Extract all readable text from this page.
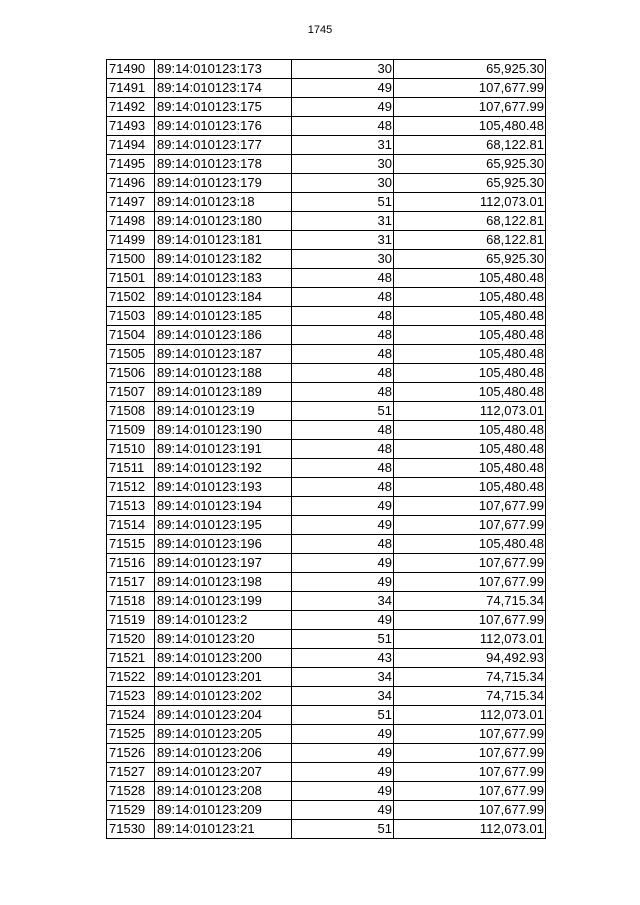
1745
71490	89:14:010123:173	30	65,925.30
71491	89:14:010123:174	49	107,677.99
71492	89:14:010123:175	49	107,677.99
71493	89:14:010123:176	48	105,480.48
71494	89:14:010123:177	31	68,122.81
71495	89:14:010123:178	30	65,925.30
71496	89:14:010123:179	30	65,925.30
71497	89:14:010123:18	51	112,073.01
71498	89:14:010123:180	31	68,122.81
71499	89:14:010123:181	31	68,122.81
71500	89:14:010123:182	30	65,925.30
71501	89:14:010123:183	48	105,480.48
71502	89:14:010123:184	48	105,480.48
71503	89:14:010123:185	48	105,480.48
71504	89:14:010123:186	48	105,480.48
71505	89:14:010123:187	48	105,480.48
71506	89:14:010123:188	48	105,480.48
71507	89:14:010123:189	48	105,480.48
71508	89:14:010123:19	51	112,073.01
71509	89:14:010123:190	48	105,480.48
71510	89:14:010123:191	48	105,480.48
71511	89:14:010123:192	48	105,480.48
71512	89:14:010123:193	48	105,480.48
71513	89:14:010123:194	49	107,677.99
71514	89:14:010123:195	49	107,677.99
71515	89:14:010123:196	48	105,480.48
71516	89:14:010123:197	49	107,677.99
71517	89:14:010123:198	49	107,677.99
71518	89:14:010123:199	34	74,715.34
71519	89:14:010123:2	49	107,677.99
71520	89:14:010123:20	51	112,073.01
71521	89:14:010123:200	43	94,492.93
71522	89:14:010123:201	34	74,715.34
71523	89:14:010123:202	34	74,715.34
71524	89:14:010123:204	51	112,073.01
71525	89:14:010123:205	49	107,677.99
71526	89:14:010123:206	49	107,677.99
71527	89:14:010123:207	49	107,677.99
71528	89:14:010123:208	49	107,677.99
71529	89:14:010123:209	49	107,677.99
71530	89:14:010123:21	51	112,073.01
